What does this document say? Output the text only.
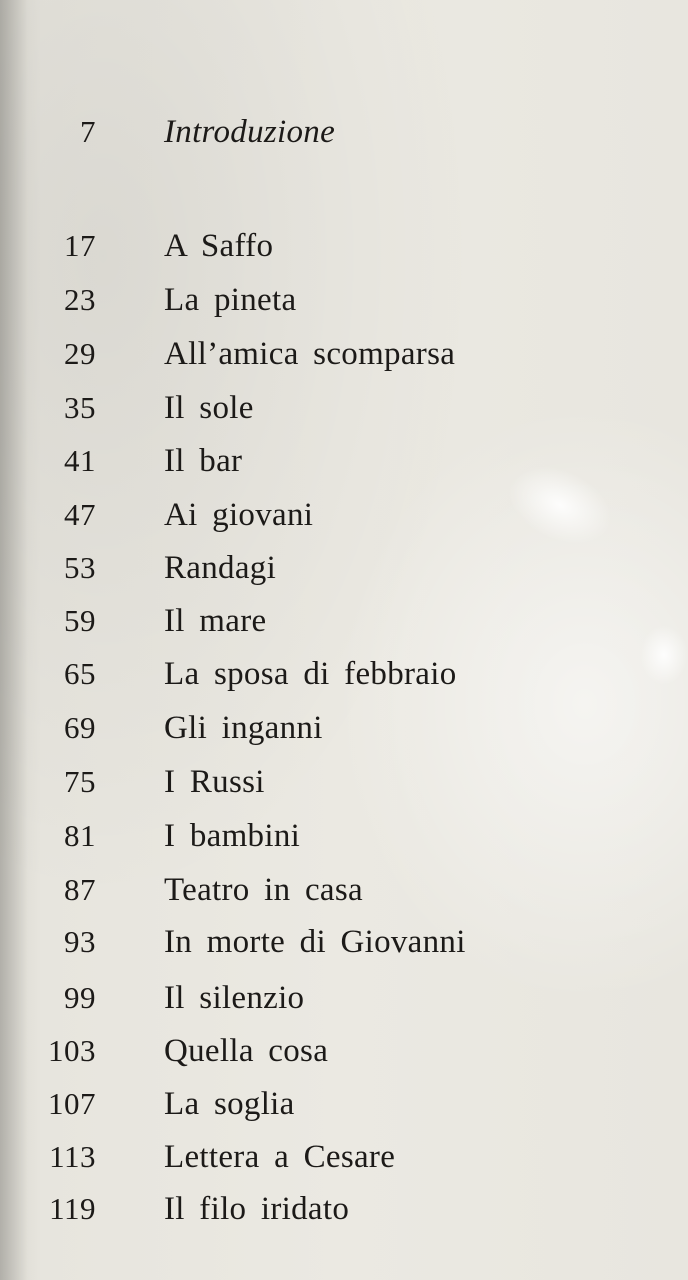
7 Introduzione
17 A Saffo
23 La pineta
29 All’amica scomparsa
35 Il sole
41 Il bar
47 Ai giovani
53 Randagi
59 Il mare
65 La sposa di febbraio
69 Gli inganni
75 I Russi
81 I bambini
87 Teatro in casa
93 In morte di Giovanni
99 Il silenzio
103 Quella cosa
107 La soglia
113 Lettera a Cesare
119 Il filo iridato
